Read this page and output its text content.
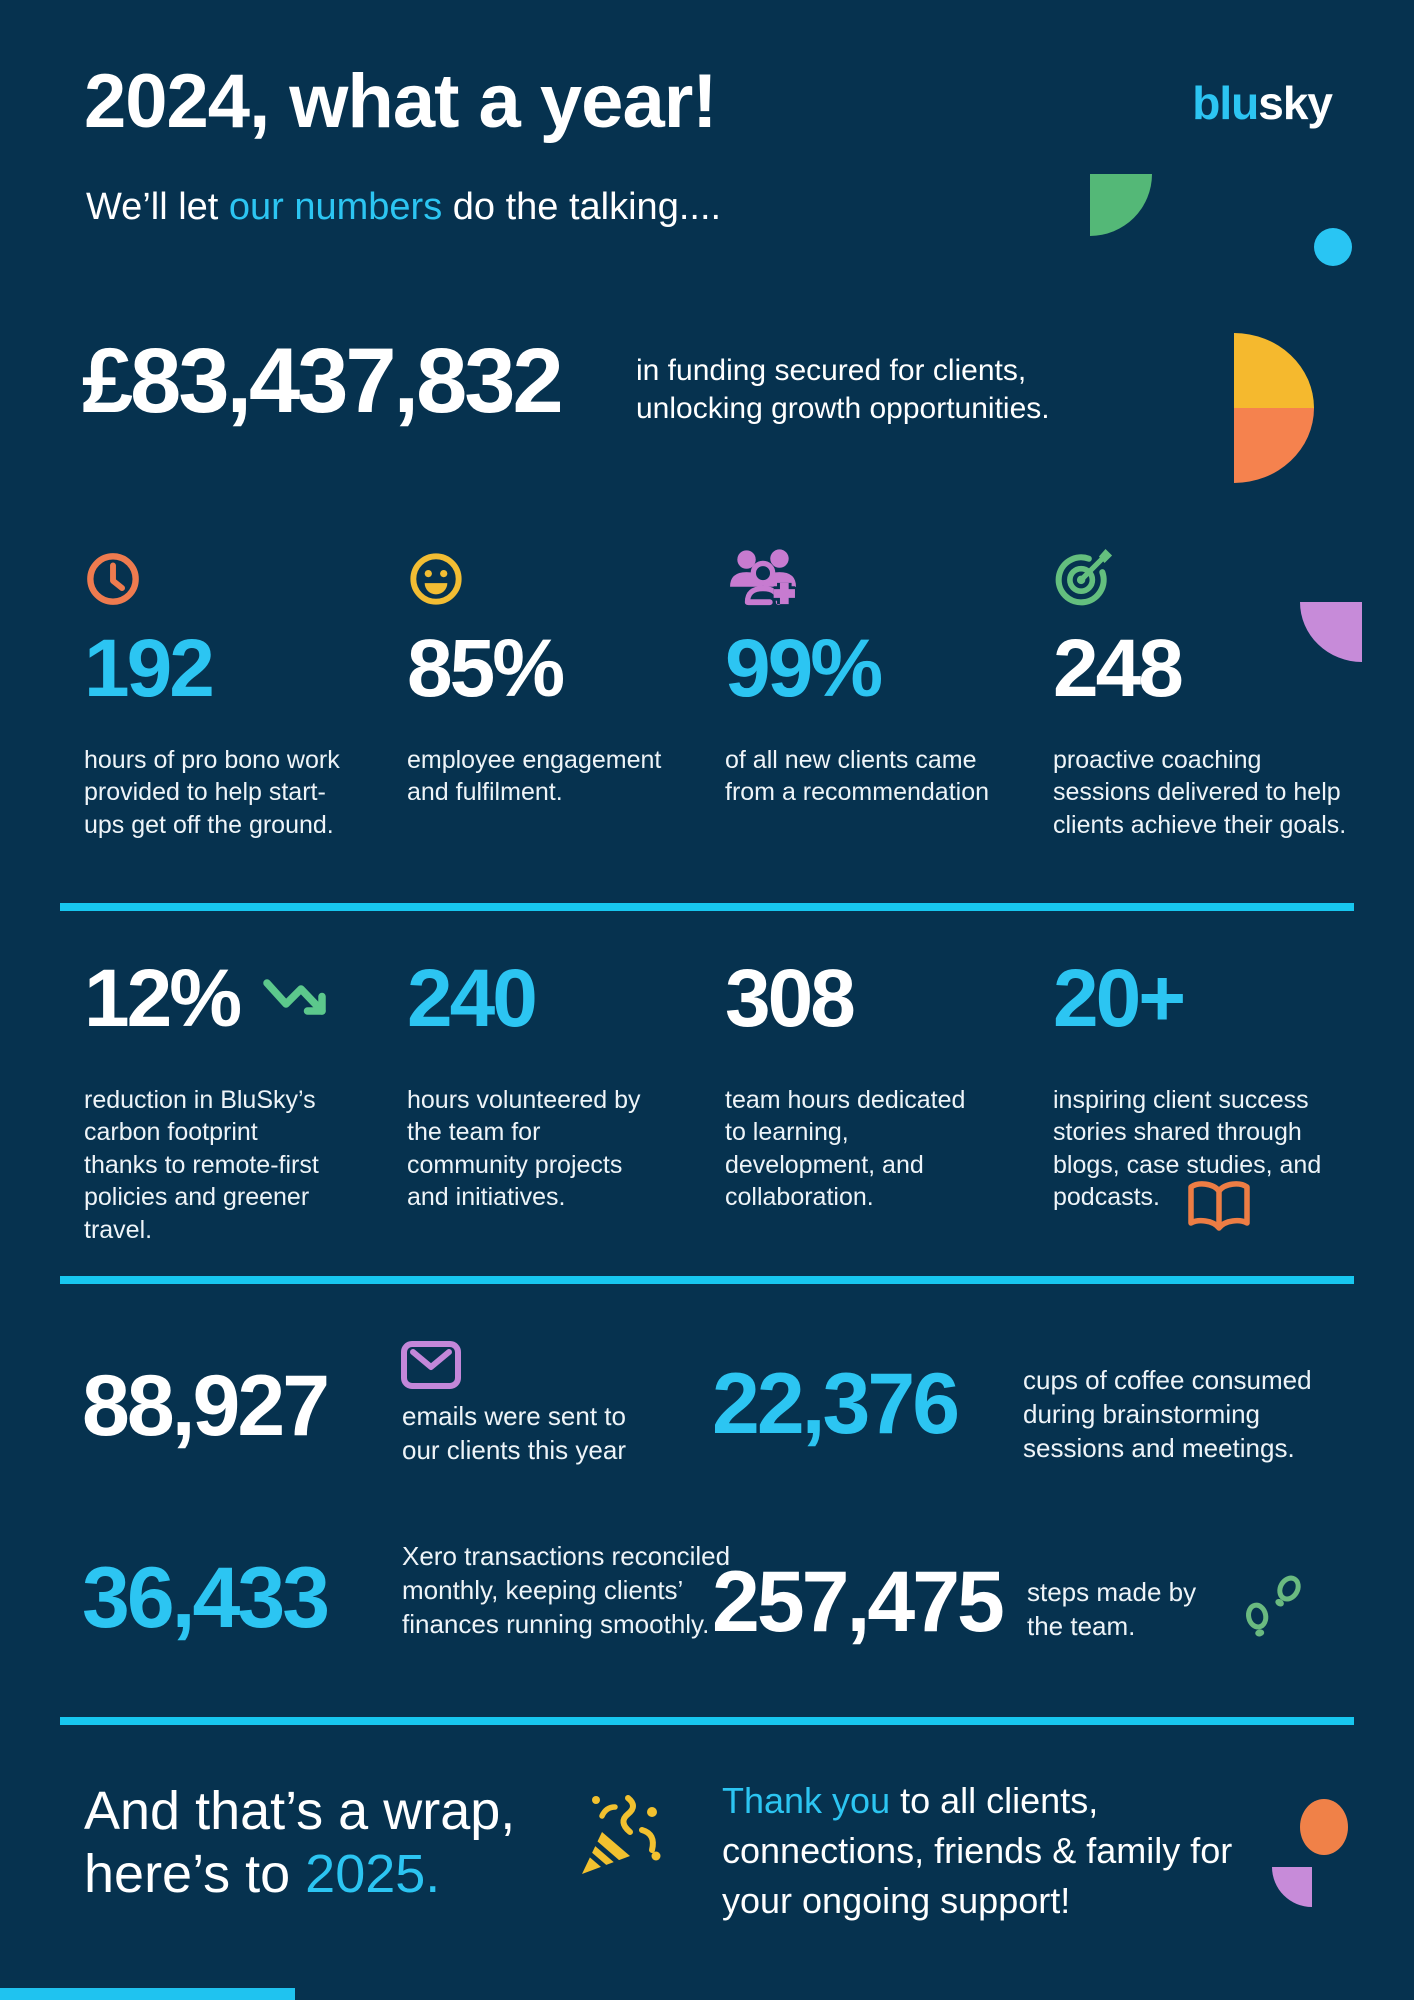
2024, what a year!
We’ll let our numbers do the talking....
blusky
£83,437,832	in funding secured for clients, unlocking growth opportunities.

192

hours of pro bono work provided to help start-ups get off the ground.

85%

employee engagement and fulfilment.

99%

of all new clients came from a recommendation

248

proactive coaching sessions delivered to help clients achieve their goals.

12%

reduction in BluSky’s carbon footprint thanks to remote-first policies and greener travel.

240

hours volunteered by the team for community projects and initiatives.

308

team hours dedicated to learning, development, and collaboration.

20+

inspiring client success stories shared through blogs, case studies, and podcasts.

88,927	emails were sent to our clients this year	22,376	cups of coffee consumed during brainstorming sessions and meetings.

36,433	Xero transactions reconciled monthly, keeping clients’ finances running smoothly. 257,475 steps made by the team.

And that’s a wrap,
here’s to 2025.
Thank you to all clients, connections, friends & family for your ongoing support!
